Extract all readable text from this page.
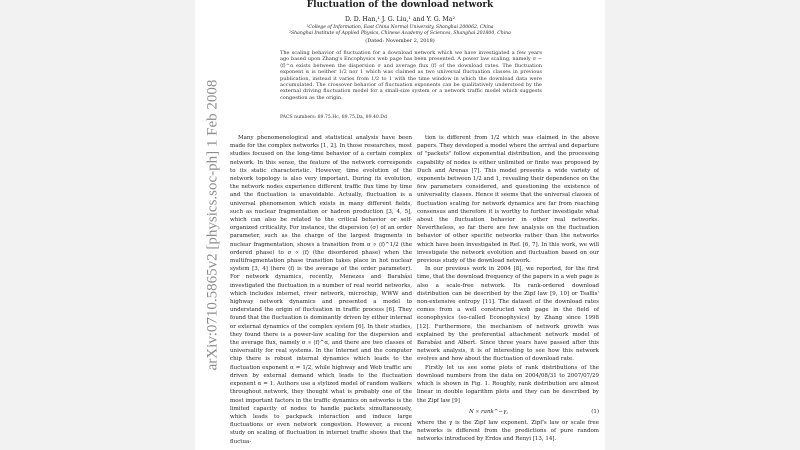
Fluctuation of the download network
D. D. Han,¹ J. G. Liu,¹ and Y. G. Ma²
¹College of Information, East China Normal University, Shanghai 200062, China
²Shanghai Institute of Applied Physics, Chinese Academy of Sciences, Shanghai 201800, China
(Dated: November 2, 2018)
The scaling behavior of fluctuation for a download network which we have investigated a few years ago based upon Zhang's Encophysics web page has been presented. A power law scaling, namely σ ∼ ⟨f⟩^α exists between the dispersion σ and average flux ⟨f⟩ of the download rates. The fluctuation exponent α is neither 1/2 nor 1 which was claimed as two universal fluctuation classes in previous publication, instead it varies from 1/2 to 1 with the time window in which the download data were accumulated. The crossover behavior of fluctuation exponents can be qualitatively understood by the external driving fluctuation model for a small-size system or a network traffic model which suggests congestion as the origin.
PACS numbers: 89.75.Hc, 89.75.Da, 89.40.Dd

Many phenomenological and statistical analysis have been made for the complex networks [1, 2]. In those researches, most studies focused on the long-time behavior of a certain complex network. In this sense, the feature of the network corresponds to its static characteristic. However, time evolution of the network topology is also very important. During its evolution, the network nodes experience different traffic flux time by time and the fluctuation is unavoidable. Actually, fluctuation is a universal phenomenon which exists in many different fields, such as nuclear fragmentation or hadron production [3, 4, 5], which can also be related to the critical behavior or self-organized criticality. For instance, the dispersion (σ) of an order parameter, such as the charge of the largest fragments in nuclear fragmentation, shows a transition from σ ∝ ⟨f⟩^1/2 (the ordered phase) to σ ∝ ⟨f⟩ (the disordered phase) when the multifragmentation phase transition takes place in hot nuclear system [3, 4] (here ⟨f⟩ is the average of the order parameter). For network dynamics, recently, Menezes and Barabási investigated the fluctuation in a number of real world networks, which includes internet, river network, microchip, WWW and highway network dynamics and presented a model to understand the origin of fluctuation in traffic process [6]. They found that the fluctuation is dominantly driven by either internal or external dynamics of the complex system [6]. In their studies, they found there is a power-law scaling for the dispersion and the average flux, namely σ ∝ ⟨f⟩^α, and there are two classes of universality for real systems. In the Internet and the computer chip there is robust internal dynamics which leads to the fluctuation exponent α = 1/2, while highway and Web traffic are driven by external demand which leads to the fluctuation exponent α = 1. Authors use a stylized model of random walkers throughout network, they thought what is probably one of the most important factors in the traffic dynamics on networks is the limited capacity of nodes to handle packets simultaneously, which leads to packpack interaction and induce large fluctuations or even network congestion. However, a recent study on scaling of fluctuation in internet traffic shows that the fluctua-

tion is different from 1/2 which was claimed in the above papers. They developed a model where the arrival and departure of "packets" follow exponential distribution, and the processing capability of nodes is either unlimited or finite was proposed by Duch and Arenas [7]. This model presents a wide variety of exponents between 1/2 and 1, revealing their dependence on the few parameters considered, and questioning the existence of universality classes. Hence it seems that the universal classes of fluctuation scaling for network dynamics are far from reaching consensus and therefore it is worthy to further investigate what about the fluctuation behavior in other real networks. Nevertheless, so far there are few analysis on the fluctuation behavior of other specific networks rather than the networks which have been investigated in Ref. [6, 7]. In this work, we will investigate the network evolution and fluctuation based on our previous study of the download network.

In our previous work in 2004 [8], we reported, for the first time, that the download frequency of the papers in a web page is also a scale-free network. Its rank-ordered download distribution can be described by the Zipf law [9, 10] or Tsallis' non-extensive entropy [11]. The dataset of the download rates comes from a well constructed web page in the field of econophysics (so-called Econophysics) by Zhang since 1998 [12]. Furthermore, the mechanism of network growth was explained by the preferential attachment network model of Barabási and Albert. Since three years have passed after this network analysis, it is of interesting to see how this network evolves and how about the fluctuation of download rate.

Firstly let us see some plots of rank distributions of the download numbers from the data on 2004/08/31 to 2007/07/29 which is shown in Fig. 1. Roughly, rank distribution are almost linear in double logarithm plots and they can be described by the Zipf law [9]

N ∝ rank^−γ,	(1)

where the γ is the Zipf law exponent. Zipf's law or scale free networks is different from the predictions of pure random networks introduced by Erdos and Renyi [13, 14].

arXiv:0710.5865v2 [physics.soc-ph] 1 Feb 2008
